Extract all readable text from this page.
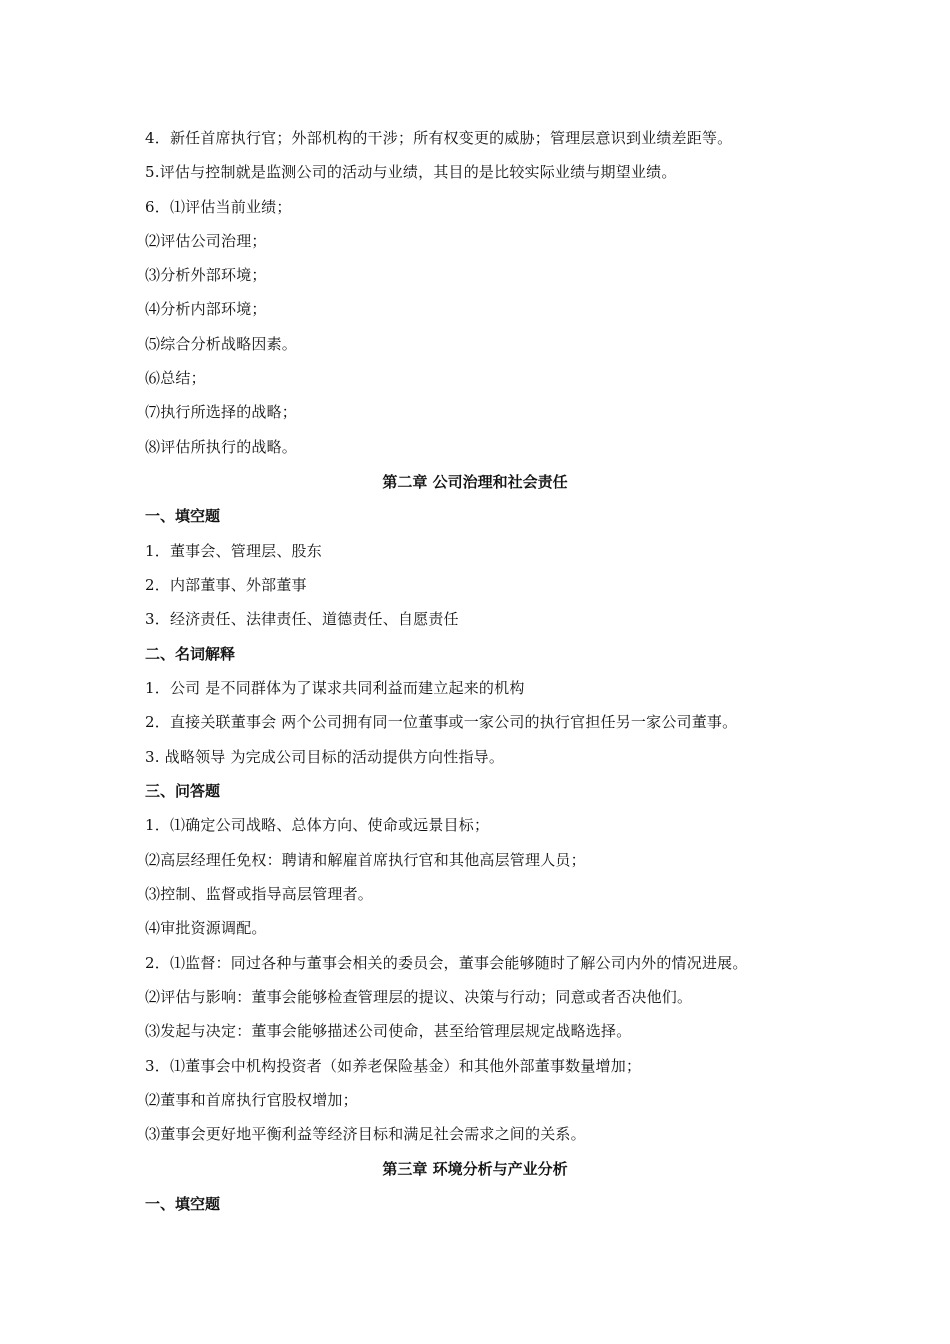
4．新任首席执行官；外部机构的干涉；所有权变更的威胁；管理层意识到业绩差距等。
5.评估与控制就是监测公司的活动与业绩，其目的是比较实际业绩与期望业绩。
6．⑴评估当前业绩；
⑵评估公司治理；
⑶分析外部环境；
⑷分析内部环境；
⑸综合分析战略因素。
⑹总结；
⑺执行所选择的战略；
⑻评估所执行的战略。
第二章 公司治理和社会责任
一、填空题
1．董事会、管理层、股东
2．内部董事、外部董事
3．经济责任、法律责任、道德责任、自愿责任
二、名词解释
1．公司 是不同群体为了谋求共同利益而建立起来的机构
2．直接关联董事会 两个公司拥有同一位董事或一家公司的执行官担任另一家公司董事。
3. 战略领导 为完成公司目标的活动提供方向性指导。
三、问答题
1．⑴确定公司战略、总体方向、使命或远景目标；
⑵高层经理任免权：聘请和解雇首席执行官和其他高层管理人员；
⑶控制、监督或指导高层管理者。
⑷审批资源调配。
2．⑴监督：同过各种与董事会相关的委员会，董事会能够随时了解公司内外的情况进展。
⑵评估与影响：董事会能够检查管理层的提议、决策与行动；同意或者否决他们。
⑶发起与决定：董事会能够描述公司使命，甚至给管理层规定战略选择。
3．⑴董事会中机构投资者（如养老保险基金）和其他外部董事数量增加；
⑵董事和首席执行官股权增加；
⑶董事会更好地平衡利益等经济目标和满足社会需求之间的关系。
第三章 环境分析与产业分析
一、填空题
